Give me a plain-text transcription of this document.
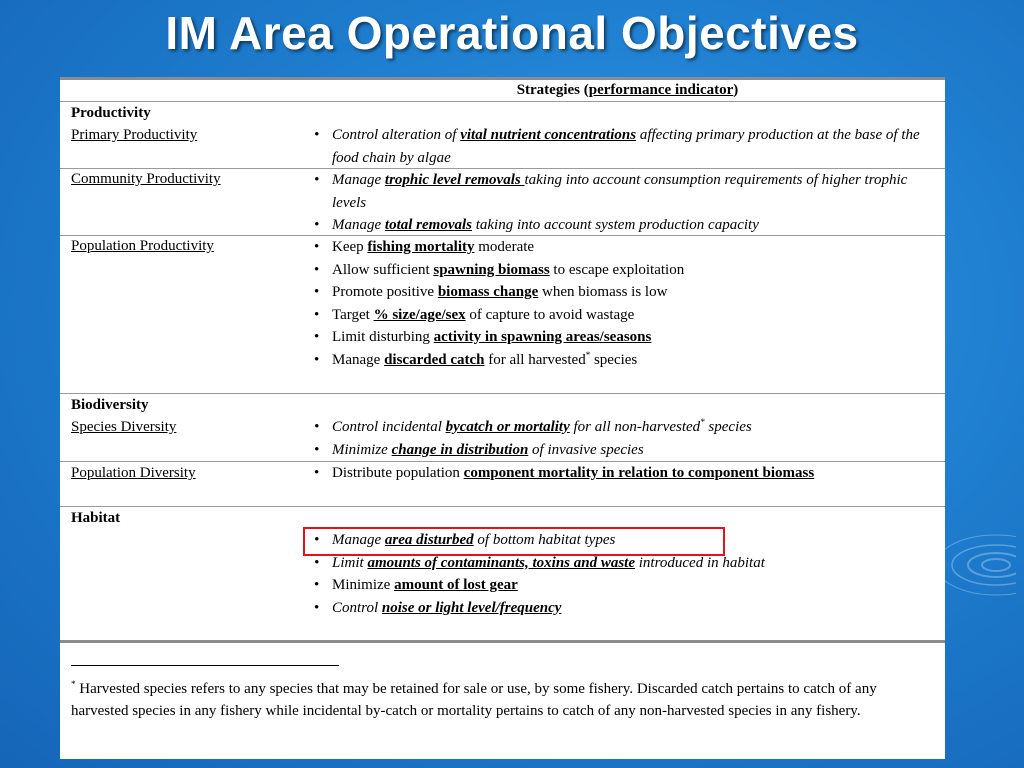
IM Area Operational Objectives
Strategies (performance indicator)
Productivity
Primary Productivity	• Control alteration of vital nutrient concentrations affecting primary production at the base of the food chain by algae
Community Productivity	• Manage trophic level removals taking into account consumption requirements of higher trophic levels
• Manage total removals taking into account system production capacity
Population Productivity	• Keep fishing mortality moderate
• Allow sufficient spawning biomass to escape exploitation
• Promote positive biomass change when biomass is low
• Target % size/age/sex of capture to avoid wastage
• Limit disturbing activity in spawning areas/seasons
• Manage discarded catch for all harvested* species
Biodiversity
Species Diversity	• Control incidental bycatch or mortality for all non-harvested* species
• Minimize change in distribution of invasive species
Population Diversity	• Distribute population component mortality in relation to component biomass
Habitat
• Manage area disturbed of bottom habitat types
• Limit amounts of contaminants, toxins and waste introduced in habitat
• Minimize amount of lost gear
• Control noise or light level/frequency
* Harvested species refers to any species that may be retained for sale or use, by some fishery. Discarded catch pertains to catch of any harvested species in any fishery while incidental by-catch or mortality pertains to catch of any non-harvested species in any fishery.
